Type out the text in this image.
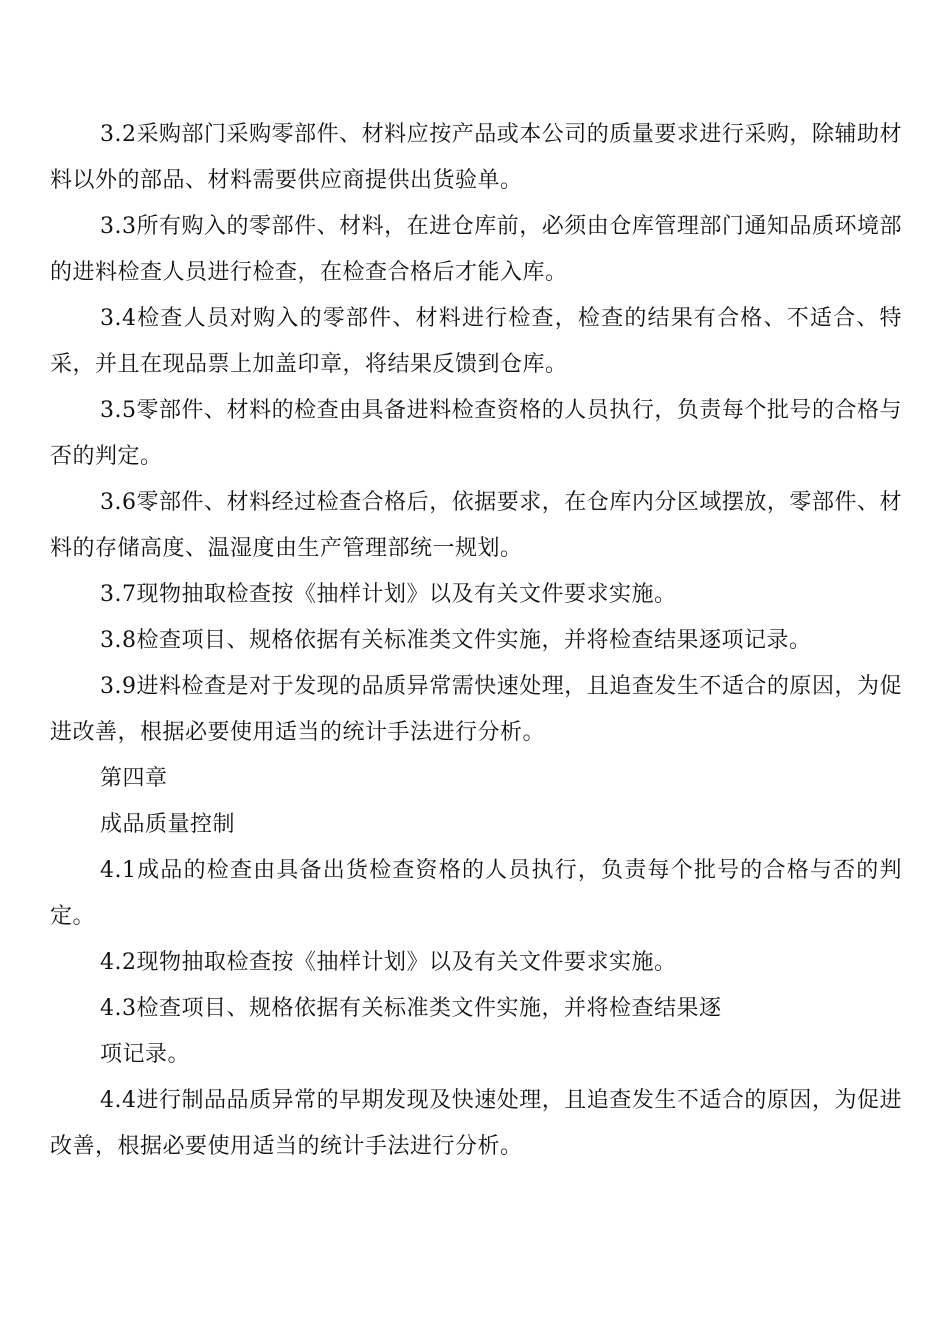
3.2采购部门采购零部件、材料应按产品或本公司的质量要求进行采购，除辅助材料以外的部品、材料需要供应商提供出货验单。

3.3所有购入的零部件、材料，在进仓库前，必须由仓库管理部门通知品质环境部的进料检查人员进行检查，在检查合格后才能入库。

3.4检查人员对购入的零部件、材料进行检查，检查的结果有合格、不适合、特采，并且在现品票上加盖印章，将结果反馈到仓库。

3.5零部件、材料的检查由具备进料检查资格的人员执行，负责每个批号的合格与否的判定。

3.6零部件、材料经过检查合格后，依据要求，在仓库内分区域摆放，零部件、材料的存储高度、温湿度由生产管理部统一规划。

3.7现物抽取检查按《抽样计划》以及有关文件要求实施。

3.8检查项目、规格依据有关标准类文件实施，并将检查结果逐项记录。

3.9进料检查是对于发现的品质异常需快速处理，且追查发生不适合的原因，为促进改善，根据必要使用适当的统计手法进行分析。

第四章

成品质量控制

4.1成品的检查由具备出货检查资格的人员执行，负责每个批号的合格与否的判定。

4.2现物抽取检查按《抽样计划》以及有关文件要求实施。

4.3检查项目、规格依据有关标准类文件实施，并将检查结果逐

项记录。

4.4进行制品品质异常的早期发现及快速处理，且追查发生不适合的原因，为促进改善，根据必要使用适当的统计手法进行分析。
